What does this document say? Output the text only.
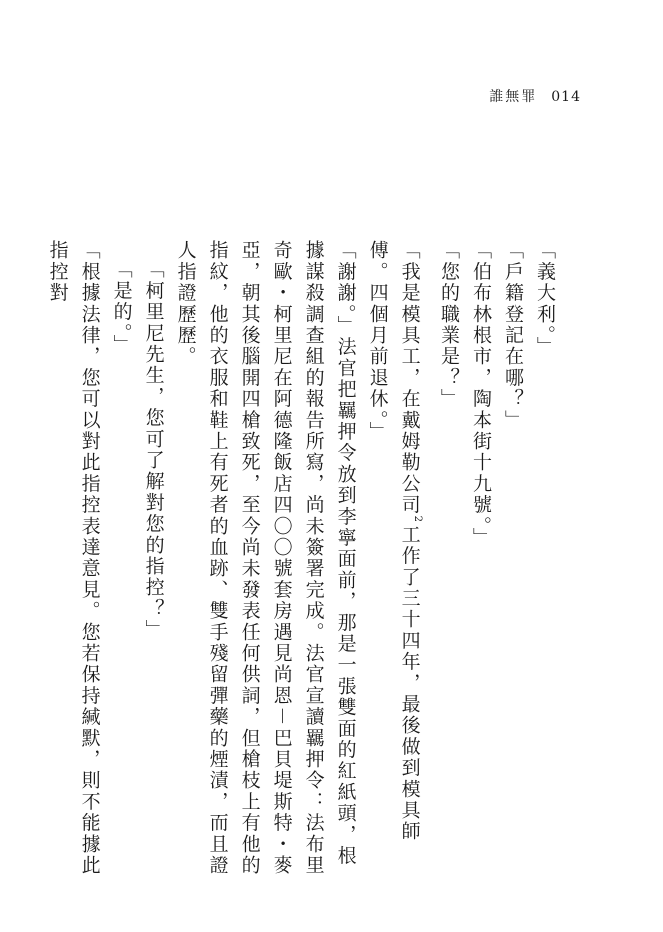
誰無罪 014

「義大利。」

「戶籍登記在哪？」

「伯布林根市，陶本街十九號。」

「您的職業是？」

「我是模具工，在戴姆勒公司$^2$工作了三十四年，最後做到模具師傅。四個月前退休。」

「謝謝。」法官把羈押令放到李寧面前，那是一張雙面的紅紙頭，根據謀殺調查組的報告所寫，尚未簽署完成。法官宣讀羈押令：法布里奇歐・柯里尼在阿德隆飯店四〇〇號套房遇見尚恩－巴貝堤斯特・麥亞，朝其後腦開四槍致死，至今尚未發表任何供詞，但槍枝上有他的指紋，他的衣服和鞋上有死者的血跡、雙手殘留彈藥的煙漬，而且證人指證歷歷。

「柯里尼先生，您可了解對您的指控？」

「是的。」

「根據法律，您可以對此指控表達意見。您若保持緘默，則不能據此指控對
